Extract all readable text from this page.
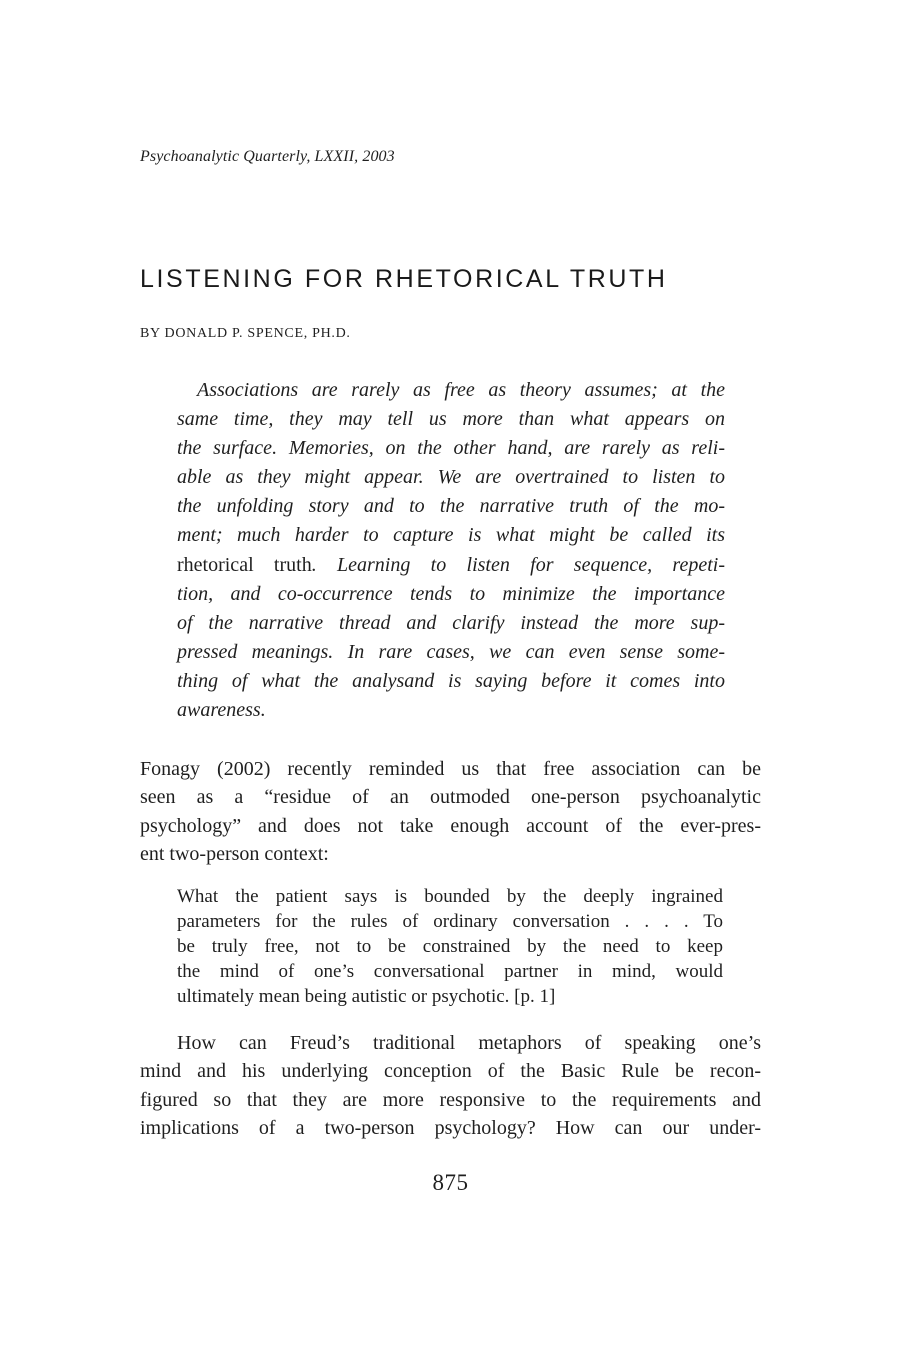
Psychoanalytic Quarterly, LXXII, 2003
LISTENING FOR RHETORICAL TRUTH
BY DONALD P. SPENCE, PH.D.
Associations are rarely as free as theory assumes; at the
same time, they may tell us more than what appears on
the surface. Memories, on the other hand, are rarely as reli-
able as they might appear. We are overtrained to listen to
the unfolding story and to the narrative truth of the mo-
ment; much harder to capture is what might be called its
rhetorical truth. Learning to listen for sequence, repeti-
tion, and co-occurrence tends to minimize the importance
of the narrative thread and clarify instead the more sup-
pressed meanings. In rare cases, we can even sense some-
thing of what the analysand is saying before it comes into
awareness.
Fonagy (2002) recently reminded us that free association can be
seen as a “residue of an outmoded one-person psychoanalytic
psychology” and does not take enough account of the ever-pres-
ent two-person context:
What the patient says is bounded by the deeply ingrained
parameters for the rules of ordinary conversation . . . . To
be truly free, not to be constrained by the need to keep
the mind of one’s conversational partner in mind, would
ultimately mean being autistic or psychotic. [p. 1]
How can Freud’s traditional metaphors of speaking one’s
mind and his underlying conception of the Basic Rule be recon-
figured so that they are more responsive to the requirements and
implications of a two-person psychology? How can our under-
875
